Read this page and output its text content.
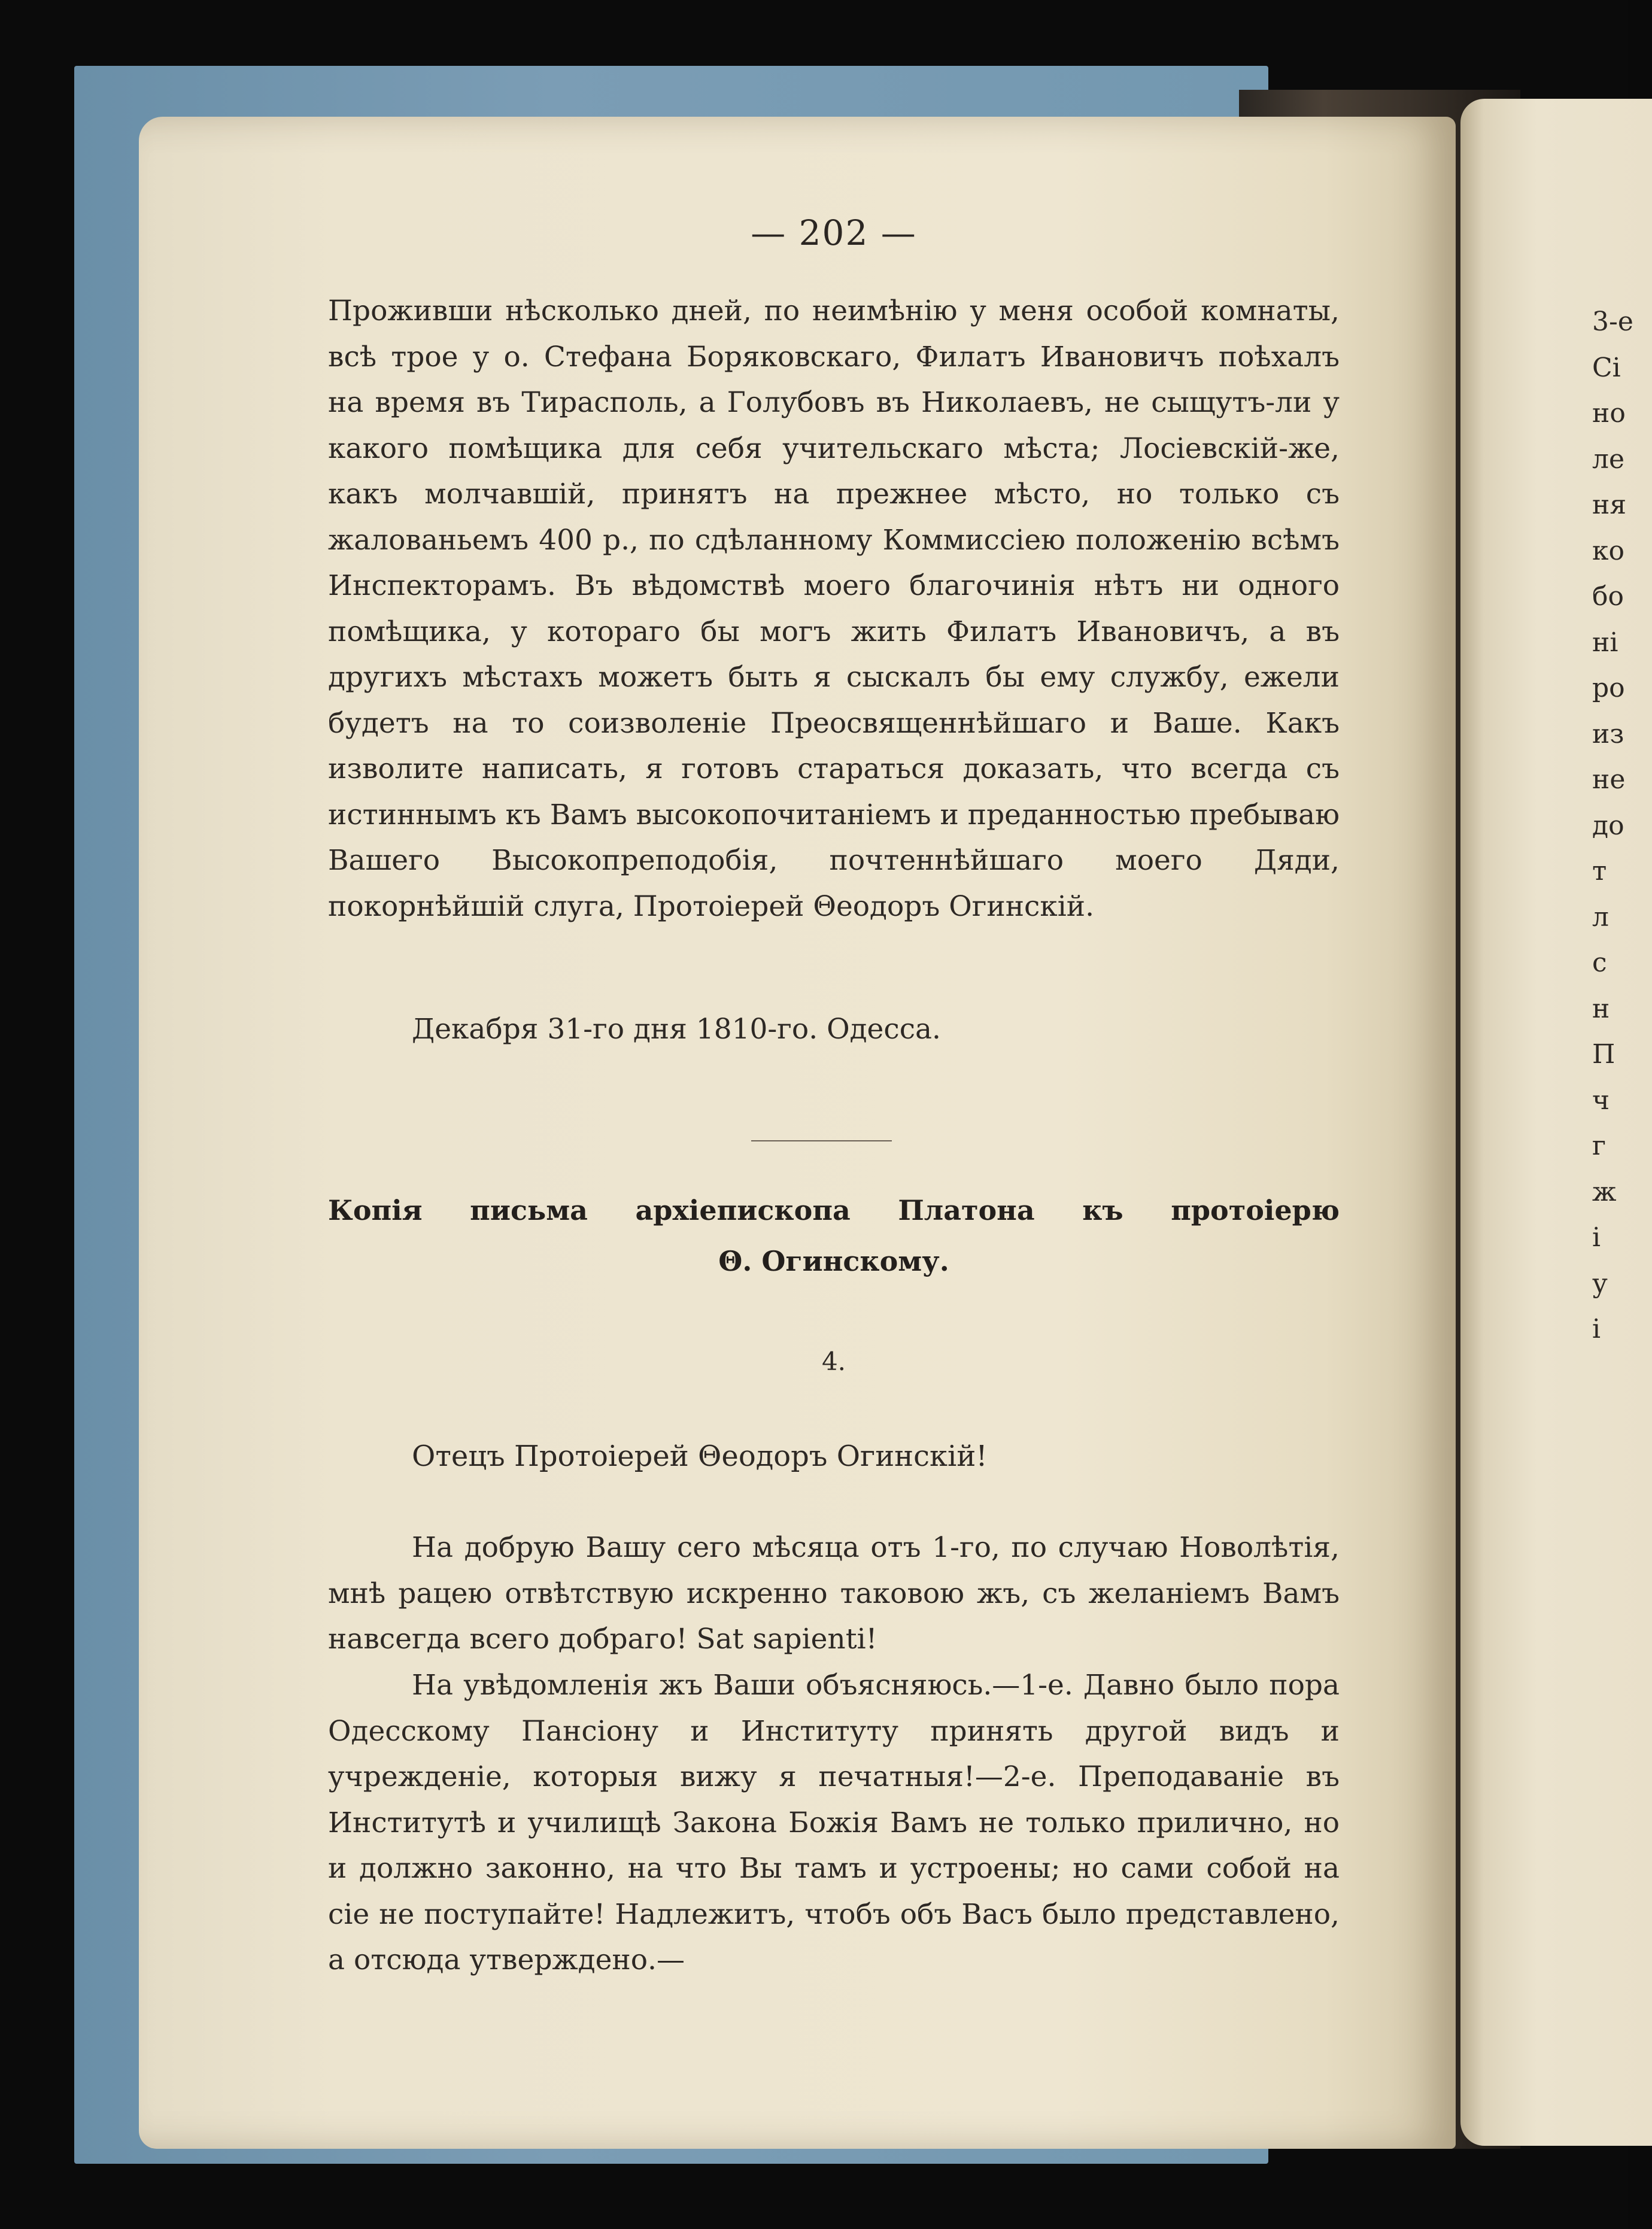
— 202 —
Проживши нѣсколько дней, по неимѣнію у меня особой комнаты, всѣ трое у о. Стефана Боряковскаго, Филатъ Ивановичъ поѣхалъ на время въ Тирасполь, а Голубовъ въ Николаевъ, не сыщутъ-ли у какого помѣщика для себя учительскаго мѣста; Лосіевскій-же, какъ молчавшій, принятъ на прежнее мѣсто, но только съ жалованьемъ 400 р., по сдѣланному Коммиссіею положенію всѣмъ Инспекторамъ. Въ вѣдомствѣ моего благочинія нѣтъ ни одного помѣщика, у котораго бы могъ жить Филатъ Ивановичъ, а въ другихъ мѣстахъ можетъ быть я сыскалъ бы ему службу, ежели будетъ на то соизволеніе Преосвященнѣйшаго и Ваше. Какъ изволите написать, я готовъ стараться доказать, что всегда съ истиннымъ къ Вамъ высокопочитаніемъ и преданностью пребываю Вашего Высокопреподобія, почтеннѣйшаго моего Дяди, покорнѣйшій слуга, Протоіерей Θеодоръ Огинскій.
Декабря 31-го дня 1810-го. Одесса.
Копія письма архіепископа Платона къ протоіерю
Θ. Огинскому.
4.
Отецъ Протоіерей Θеодоръ Огинскій!
На добрую Вашу сего мѣсяца отъ 1-го, по случаю Новолѣтія, мнѣ рацею отвѣтствую искренно таковою жъ, съ желаніемъ Вамъ навсегда всего добраго! Sat sapienti!
На увѣдомленія жъ Ваши объясняюсь.—1-е. Давно было пора Одесскому Пансіону и Институту принять другой видъ и учрежденіе, которыя вижу я печатныя!—2-е. Преподаваніе въ Институтѣ и училищѣ Закона Божія Вамъ не только прилично, но и должно законно, на что Вы тамъ и устроены; но сами собой на сіе не поступайте! Надлежитъ, чтобъ объ Васъ было представлено, а отсюда утверждено.—
3-е
Сі
но
ле
ня
ко
бо
ні
ро
из
не
до
т
л
с
н
П
ч
г
ж
і
у
і
